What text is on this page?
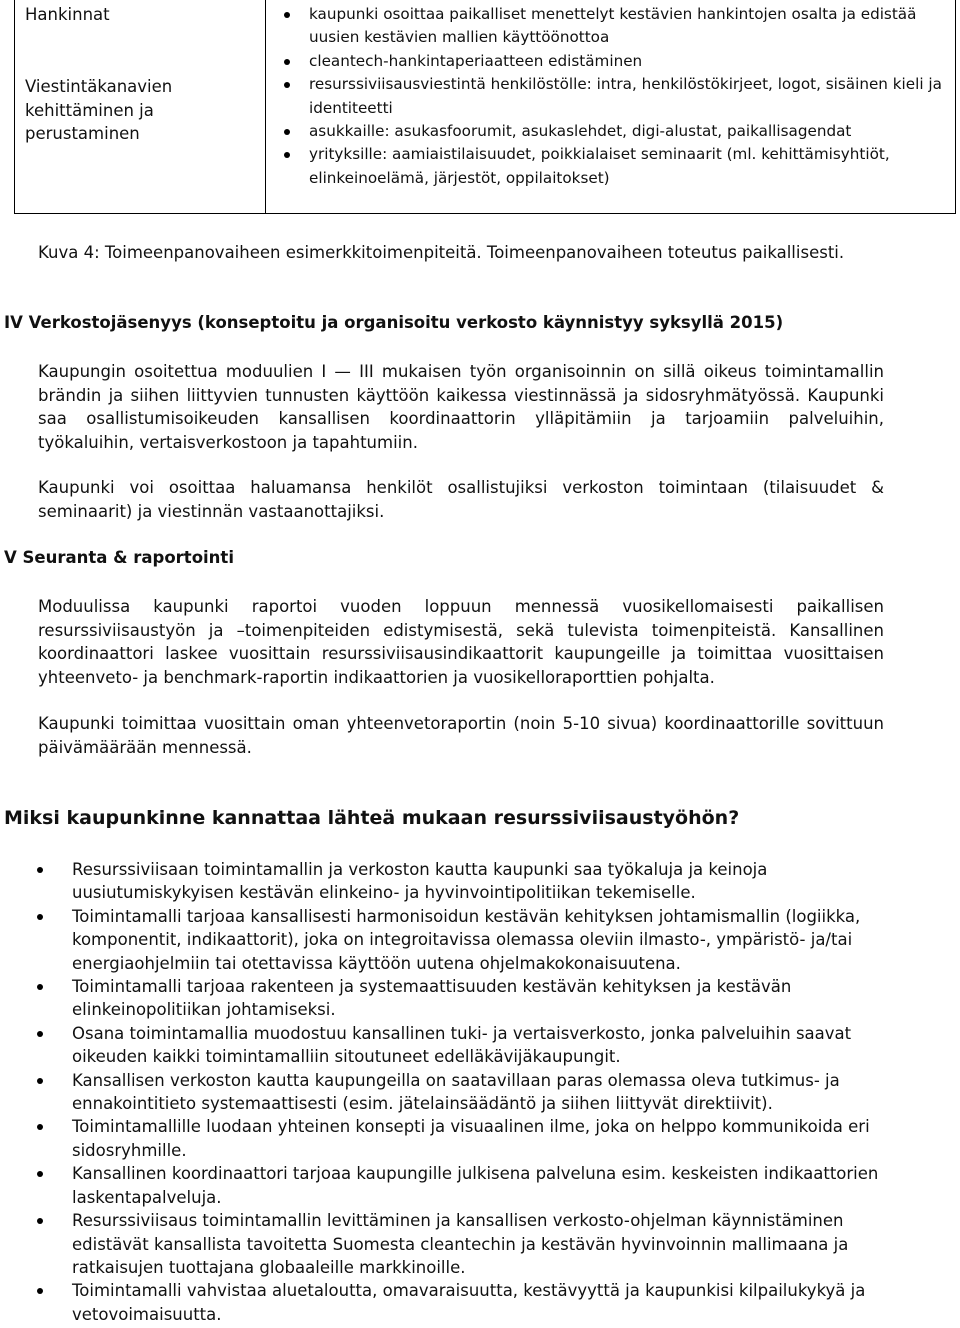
Hankinnat
Viestintäkanavien kehittäminen ja perustaminen
kaupunki osoittaa paikalliset menettelyt kestävien hankintojen osalta ja edistää uusien kestävien mallien käyttöönottoa
cleantech-hankintaperiaatteen edistäminen
resurssiviisausviestintä henkilöstölle: intra, henkilöstökirjeet, logot, sisäinen kieli ja identiteetti
asukkaille: asukasfoorumit, asukaslehdet, digi-alustat, paikallisagendat
yrityksille: aamiaistilaisuudet, poikkialaiset seminaarit (ml. kehittämisyhtiöt, elinkeinoelämä, järjestöt, oppilaitokset)
Kuva 4: Toimeenpanovaiheen esimerkkitoimenpiteitä. Toimeenpanovaiheen toteutus paikallisesti.
IV Verkostojäsenyys (konseptoitu ja organisoitu verkosto käynnistyy syksyllä 2015)
Kaupungin osoitettua moduulien I — III mukaisen työn organisoinnin on sillä oikeus toimintamallin brändin ja siihen liittyvien tunnusten käyttöön kaikessa viestinnässä ja sidosryhmätyössä. Kaupunki saa osallistumisoikeuden kansallisen koordinaattorin ylläpitämiin ja tarjoamiin palveluihin, työkaluihin, vertaisverkostoon ja tapahtumiin.
Kaupunki voi osoittaa haluamansa henkilöt osallistujiksi verkoston toimintaan (tilaisuudet & seminaarit) ja viestinnän vastaanottajiksi.
V Seuranta & raportointi
Moduulissa kaupunki raportoi vuoden loppuun mennessä vuosikellomaisesti paikallisen resurssiviisaustyön ja –toimenpiteiden edistymisestä, sekä tulevista toimenpiteistä. Kansallinen koordinaattori laskee vuosittain resurssiviisausindikaattorit kaupungeille ja toimittaa vuosittaisen yhteenveto- ja benchmark-raportin indikaattorien ja vuosikelloraporttien pohjalta.
Kaupunki toimittaa vuosittain oman yhteenvetoraportin (noin 5-10 sivua) koordinaattorille sovittuun päivämäärään mennessä.
Miksi kaupunkinne kannattaa lähteä mukaan resurssiviisaustyöhön?
Resurssiviisaan toimintamallin ja verkoston kautta kaupunki saa työkaluja ja keinoja uusiutumiskykyisen kestävän elinkeino- ja hyvinvointipolitiikan tekemiselle.
Toimintamalli tarjoaa kansallisesti harmonisoidun kestävän kehityksen johtamismallin (logiikka, komponentit, indikaattorit), joka on integroitavissa olemassa oleviin ilmasto-, ympäristö- ja/tai energiaohjelmiin tai otettavissa käyttöön uutena ohjelmakokonaisuutena.
Toimintamalli tarjoaa rakenteen ja systemaattisuuden kestävän kehityksen ja kestävän elinkeinopolitiikan johtamiseksi.
Osana toimintamallia muodostuu kansallinen tuki- ja vertaisverkosto, jonka palveluihin saavat oikeuden kaikki toimintamalliin sitoutuneet edelläkävijäkaupungit.
Kansallisen verkoston kautta kaupungeilla on saatavillaan paras olemassa oleva tutkimus- ja ennakointitieto systemaattisesti (esim. jätelainsäädäntö ja siihen liittyvät direktiivit).
Toimintamallille luodaan yhteinen konsepti ja visuaalinen ilme, joka on helppo kommunikoida eri sidosryhmille.
Kansallinen koordinaattori tarjoaa kaupungille julkisena palveluna esim. keskeisten indikaattorien laskentapalveluja.
Resurssiviisaus toimintamallin levittäminen ja kansallisen verkosto-ohjelman käynnistäminen edistävät kansallista tavoitetta Suomesta cleantechin ja kestävän hyvinvoinnin mallimaana ja ratkaisujen tuottajana globaaleille markkinoille.
Toimintamalli vahvistaa aluetaloutta, omavaraisuutta, kestävyyttä ja kaupunkisi kilpailukykyä ja vetovoimaisuutta.
